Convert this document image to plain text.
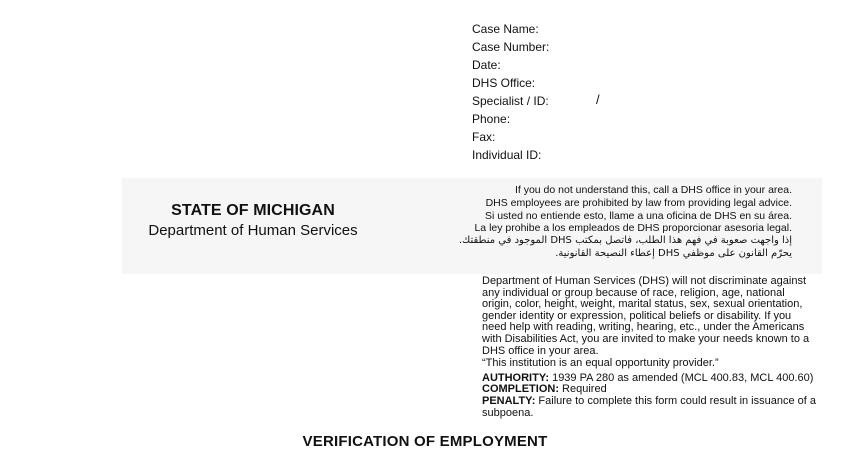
Case Name:
Case Number:
Date:
DHS Office:
Specialist / ID:
Phone:
Fax:
Individual ID:
/
STATE OF MICHIGAN
Department of Human Services
If you do not understand this, call a DHS office in your area.
DHS employees are prohibited by law from providing legal advice.
Si usted no entiende esto, llame a una oficina de DHS en su área.
La ley prohibe a los empleados de DHS proporcionar asesoria legal.
إذا واجهت صعوبة في فهم هذا الطلب، فاتصل بمكتب DHS الموجود في منطقتك.
يحرّم القانون على موظفي DHS إعطاء النصيحة القانونية.

Department of Human Services (DHS) will not discriminate against any individual or group because of race, religion, age, national origin, color, height, weight, marital status, sex, sexual orientation, gender identity or expression, political beliefs or disability. If you need help with reading, writing, hearing, etc., under the Americans with Disabilities Act, you are invited to make your needs known to a DHS office in your area.

“This institution is an equal opportunity provider.”

AUTHORITY: 1939 PA 280 as amended (MCL 400.83, MCL 400.60)

COMPLETION: Required

PENALTY: Failure to complete this form could result in issuance of a subpoena.

VERIFICATION OF EMPLOYMENT
